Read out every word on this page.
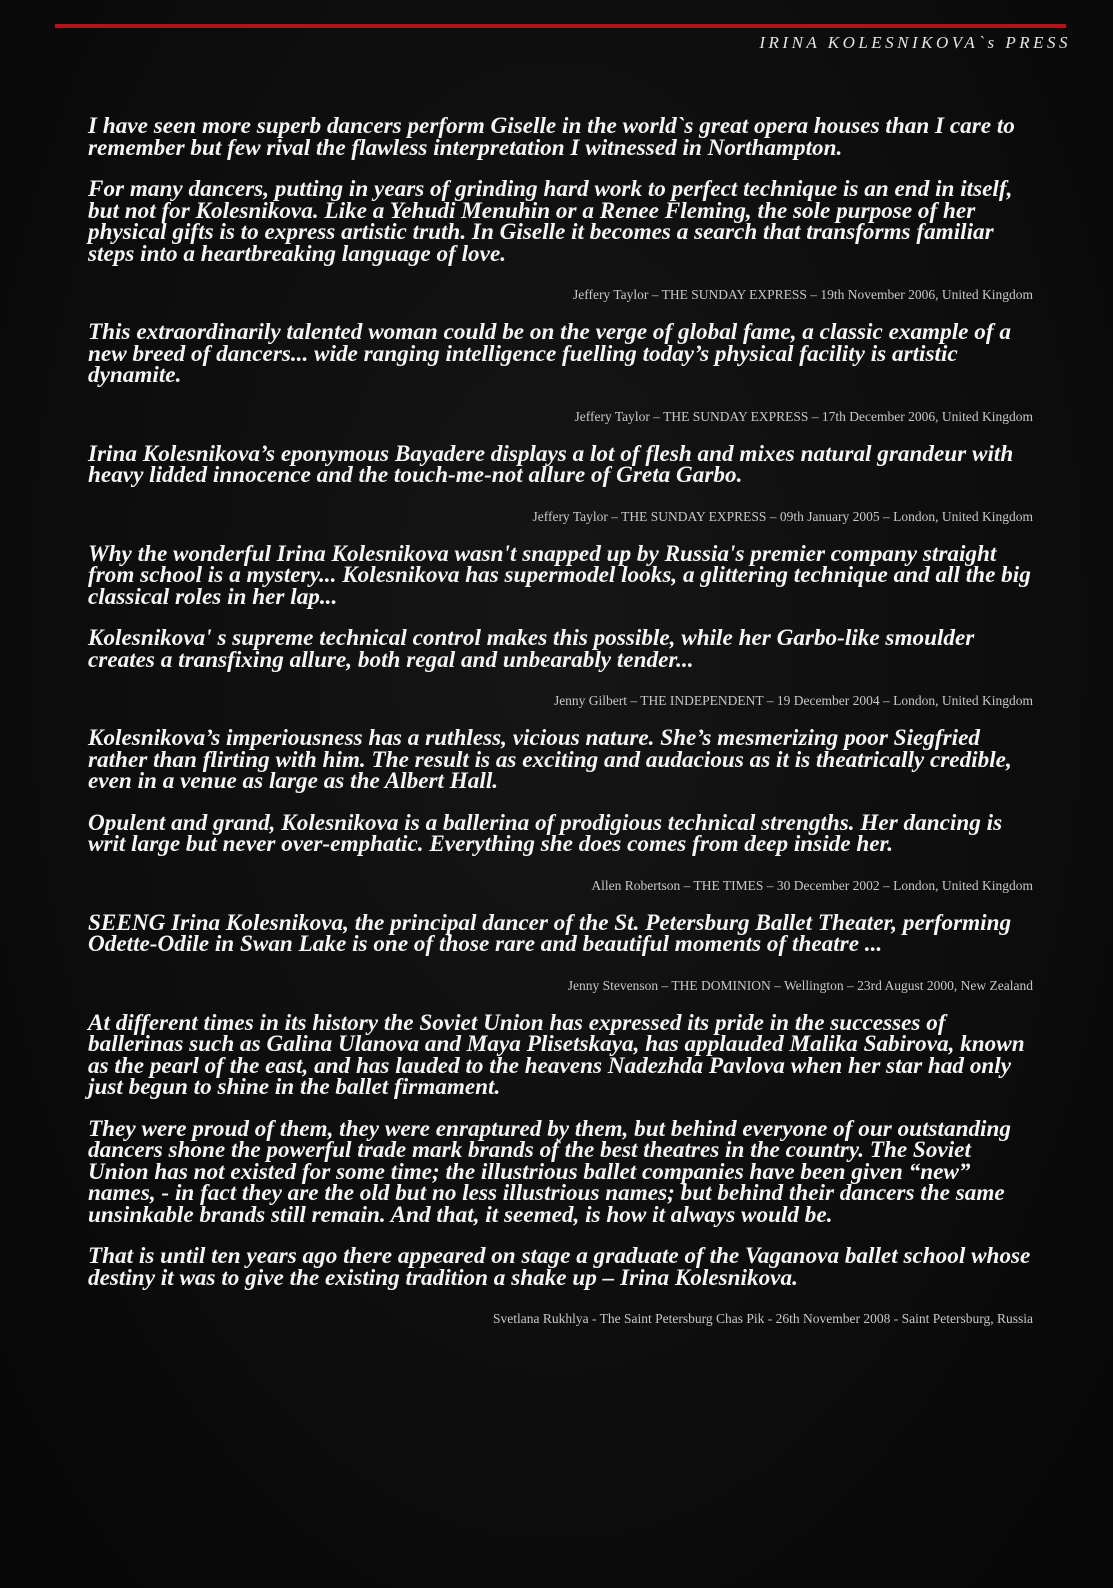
IRINA KOLESNIKOVA`s PRESS

I have seen more superb dancers perform Giselle in the world`s great opera houses than I care to remember but few rival the flawless interpretation I witnessed in Northampton.

For many dancers, putting in years of grinding hard work to perfect technique is an end in itself, but not for Kolesnikova. Like a Yehudi Menuhin or a Renee Fleming, the sole purpose of her physical gifts is to express artistic truth. In Giselle it becomes a search that transforms familiar steps into a heartbreaking language of love.

Jeffery Taylor – THE SUNDAY EXPRESS – 19th November 2006, United Kingdom

This extraordinarily talented woman could be on the verge of global fame, a classic example of a new breed of dancers... wide ranging intelligence fuelling today’s physical facility is artistic dynamite.

Jeffery Taylor – THE SUNDAY EXPRESS – 17th December 2006, United Kingdom

Irina Kolesnikova’s eponymous Bayadere displays a lot of flesh and mixes natural grandeur with heavy lidded innocence and the touch-me-not allure of Greta Garbo.

Jeffery Taylor – THE SUNDAY EXPRESS – 09th January 2005 – London, United Kingdom

Why the wonderful Irina Kolesnikova wasn't snapped up by Russia's premier company straight from school is a mystery... Kolesnikova has supermodel looks, a glittering technique and all the big classical roles in her lap...

Kolesnikova' s supreme technical control makes this possible, while her Garbo-like smoulder creates a transfixing allure, both regal and unbearably tender...

Jenny Gilbert – THE INDEPENDENT – 19 December 2004 – London, United Kingdom

Kolesnikova’s imperiousness has a ruthless, vicious nature. She’s mesmerizing poor Siegfried rather than flirting with him. The result is as exciting and audacious as it is theatrically credible, even in a venue as large as the Albert Hall.

Opulent and grand, Kolesnikova is a ballerina of prodigious technical strengths. Her dancing is writ large but never over-emphatic. Everything she does comes from deep inside her.

Allen Robertson – THE TIMES – 30 December 2002 – London, United Kingdom

SEENG Irina Kolesnikova, the principal dancer of the St. Petersburg Ballet Theater, performing Odette-Odile in Swan Lake is one of those rare and beautiful moments of theatre ...

Jenny Stevenson – THE DOMINION – Wellington – 23rd August 2000, New Zealand

At different times in its history the Soviet Union has expressed its pride in the successes of ballerinas such as Galina Ulanova and Maya Plisetskaya, has applauded Malika Sabirova, known as the pearl of the east, and has lauded to the heavens Nadezhda Pavlova when her star had only just begun to shine in the ballet firmament.

They were proud of them, they were enraptured by them, but behind everyone of our outstanding dancers shone the powerful trade mark brands of the best theatres in the country. The Soviet Union has not existed for some time; the illustrious ballet companies have been given “new” names, - in fact they are the old but no less illustrious names; but behind their dancers the same unsinkable brands still remain. And that, it seemed, is how it always would be.

That is until ten years ago there appeared on stage a graduate of the Vaganova ballet school whose destiny it was to give the existing tradition a shake up – Irina Kolesnikova.

Svetlana Rukhlya - The Saint Petersburg Chas Pik - 26th November 2008 - Saint Petersburg, Russia
